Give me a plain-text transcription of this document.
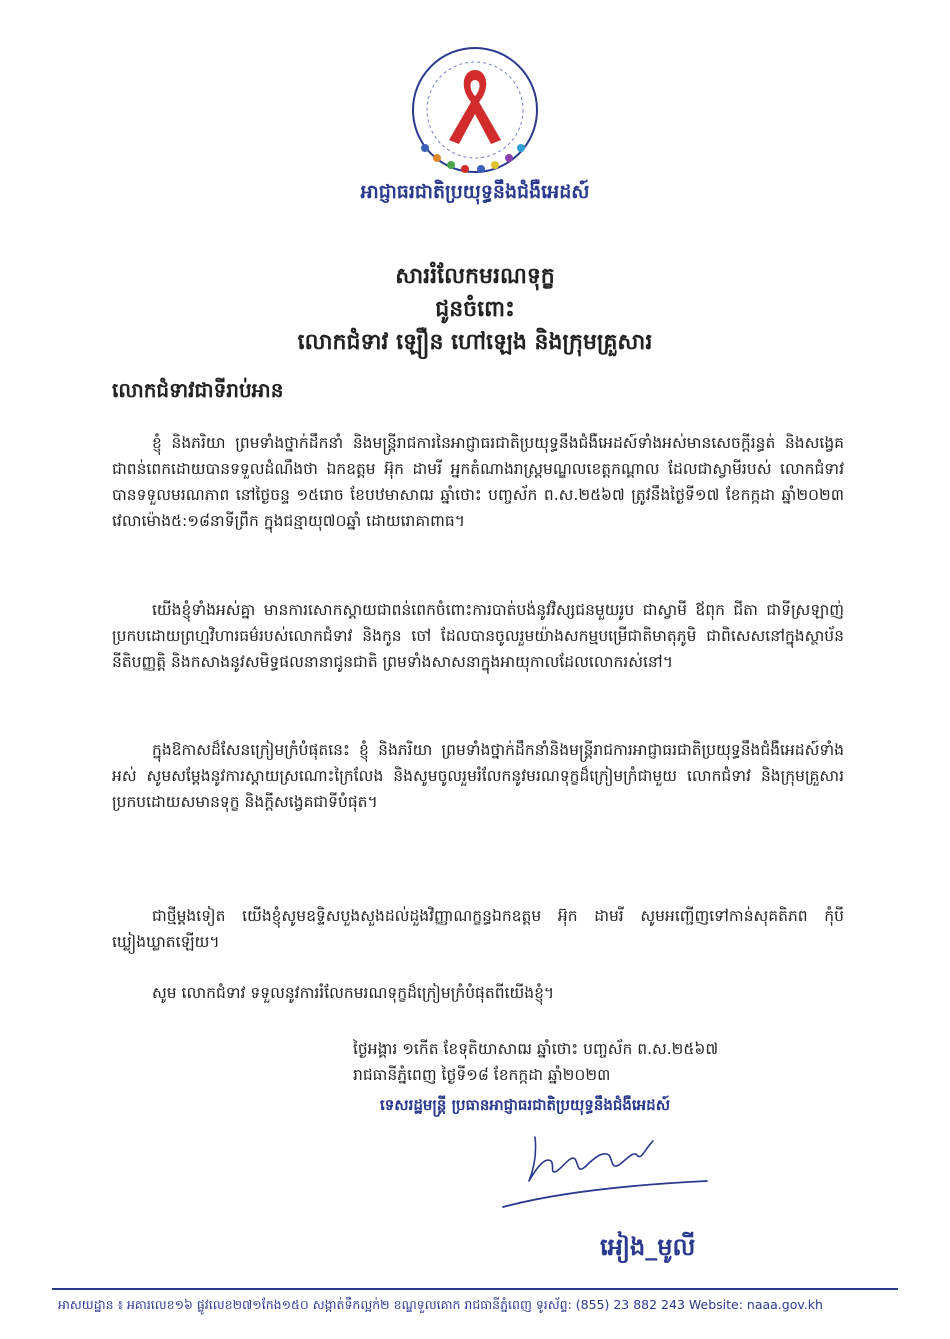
អាជ្ញាធរជាតិប្រយុទ្ធនឹងជំងឺអេដស៍
សាររំលែកមរណទុក្ខ
ជូនចំពោះ
លោកជំទាវ ឡឿន ហៅឡេង និងក្រុមគ្រួសារ
លោកជំទាវជាទីរាប់អាន

ខ្ញុំ និងភរិយា ព្រមទាំងថ្នាក់ដឹកនាំ និងមន្ត្រីរាជការនៃអាជ្ញាធរជាតិប្រយុទ្ធនឹងជំងឺអេដស៍ទាំងអស់មានសេចក្តីរន្ធត់ និងសង្វេគជាពន់ពេកដោយបានទទួលដំណឹងថា ឯកឧត្តម អ៊ុក ដាមរី អ្នកតំណាងរាស្ត្រមណ្ឌលខេត្តកណ្តាល ដែលជាស្វាមីរបស់ លោកជំទាវ បានទទួលមរណភាព នៅថ្ងៃចន្ទ ១៥រោច ខែបឋមាសាឍ ឆ្នាំថោះ បញ្ចស័ក ព.ស.២៥៦៧ ត្រូវនឹងថ្ងៃទី១៧ ខែកក្កដា ឆ្នាំ២០២៣ វេលាម៉ោង៥:១៨នាទីព្រឹក ក្នុងជន្មាយុ៧០ឆ្នាំ ដោយរោគាពាធ។

យើងខ្ញុំទាំងអស់គ្នា មានការសោកស្តាយជាពន់ពេកចំពោះការបាត់បង់នូវវិស្សជនមួយរូប ជាស្វាមី ឪពុក ជីតា ជាទីស្រឡាញ់ប្រកបដោយព្រហ្មវិហារធម៌របស់លោកជំទាវ និងកូន ចៅ ដែលបានចូលរួមយ៉ាងសកម្មបម្រើជាតិមាតុភូមិ ជាពិសេសនៅក្នុងស្ថាប័ននីតិបញ្ញត្តិ និងកសាងនូវសមិទ្ធផលនានាជូនជាតិ ព្រមទាំងសាសនាក្នុងអាយុកាលដែលលោករស់នៅ។

ក្នុងឱកាសដ៏សែនក្រៀមក្រំបំផុតនេះ ខ្ញុំ និងភរិយា ព្រមទាំងថ្នាក់ដឹកនាំនិងមន្ត្រីរាជការអាជ្ញាធរជាតិប្រយុទ្ធនឹងជំងឺអេដស៍ទាំងអស់ សូមសម្តែងនូវការស្តាយស្រណោះក្រៃលែង និងសូមចូលរួមរំលែកនូវមរណទុក្ខដ៏ក្រៀមក្រំជាមួយ លោកជំទាវ និងក្រុមគ្រួសារប្រកបដោយសមានទុក្ខ និងក្តីសង្វេគជាទីបំផុត។

ជាថ្មីម្តងទៀត យើងខ្ញុំសូមឧទ្ទិសបួងសួងដល់ដួងវិញ្ញាណក្ខន្ធឯកឧត្តម អ៊ុក ដាមរី សូមអញ្ជើញទៅកាន់សុគតិភព កុំបីឃ្លៀងឃ្លាតឡើយ។

សូម លោកជំទាវ ទទួលនូវការរំលែកមរណទុក្ខដ៏ក្រៀមក្រំបំផុតពីយើងខ្ញុំ។

ថ្ងៃអង្គារ ១កើត ខែទុតិយាសាឍ ឆ្នាំថោះ បញ្ចស័ក ព.ស.២៥៦៧
រាជធានីភ្នំពេញ ថ្ងៃទី១៨ ខែកក្កដា ឆ្នាំ២០២៣
ទេសរដ្ឋមន្ត្រី ប្រធានអាជ្ញាធរជាតិប្រយុទ្ធនឹងជំងឺអេដស៍
អៀង_មូលី
អាសយដ្ឋាន ៖ អគារលេខ១៦ ផ្លូវលេខ២៧១កែង១៥០ សង្កាត់ទឹកល្អក់២ ខណ្ឌទួលគោក រាជធានីភ្នំពេញ ទូរស័ព្ទ: (855) 23 882 243 Website: naaa.gov.kh
